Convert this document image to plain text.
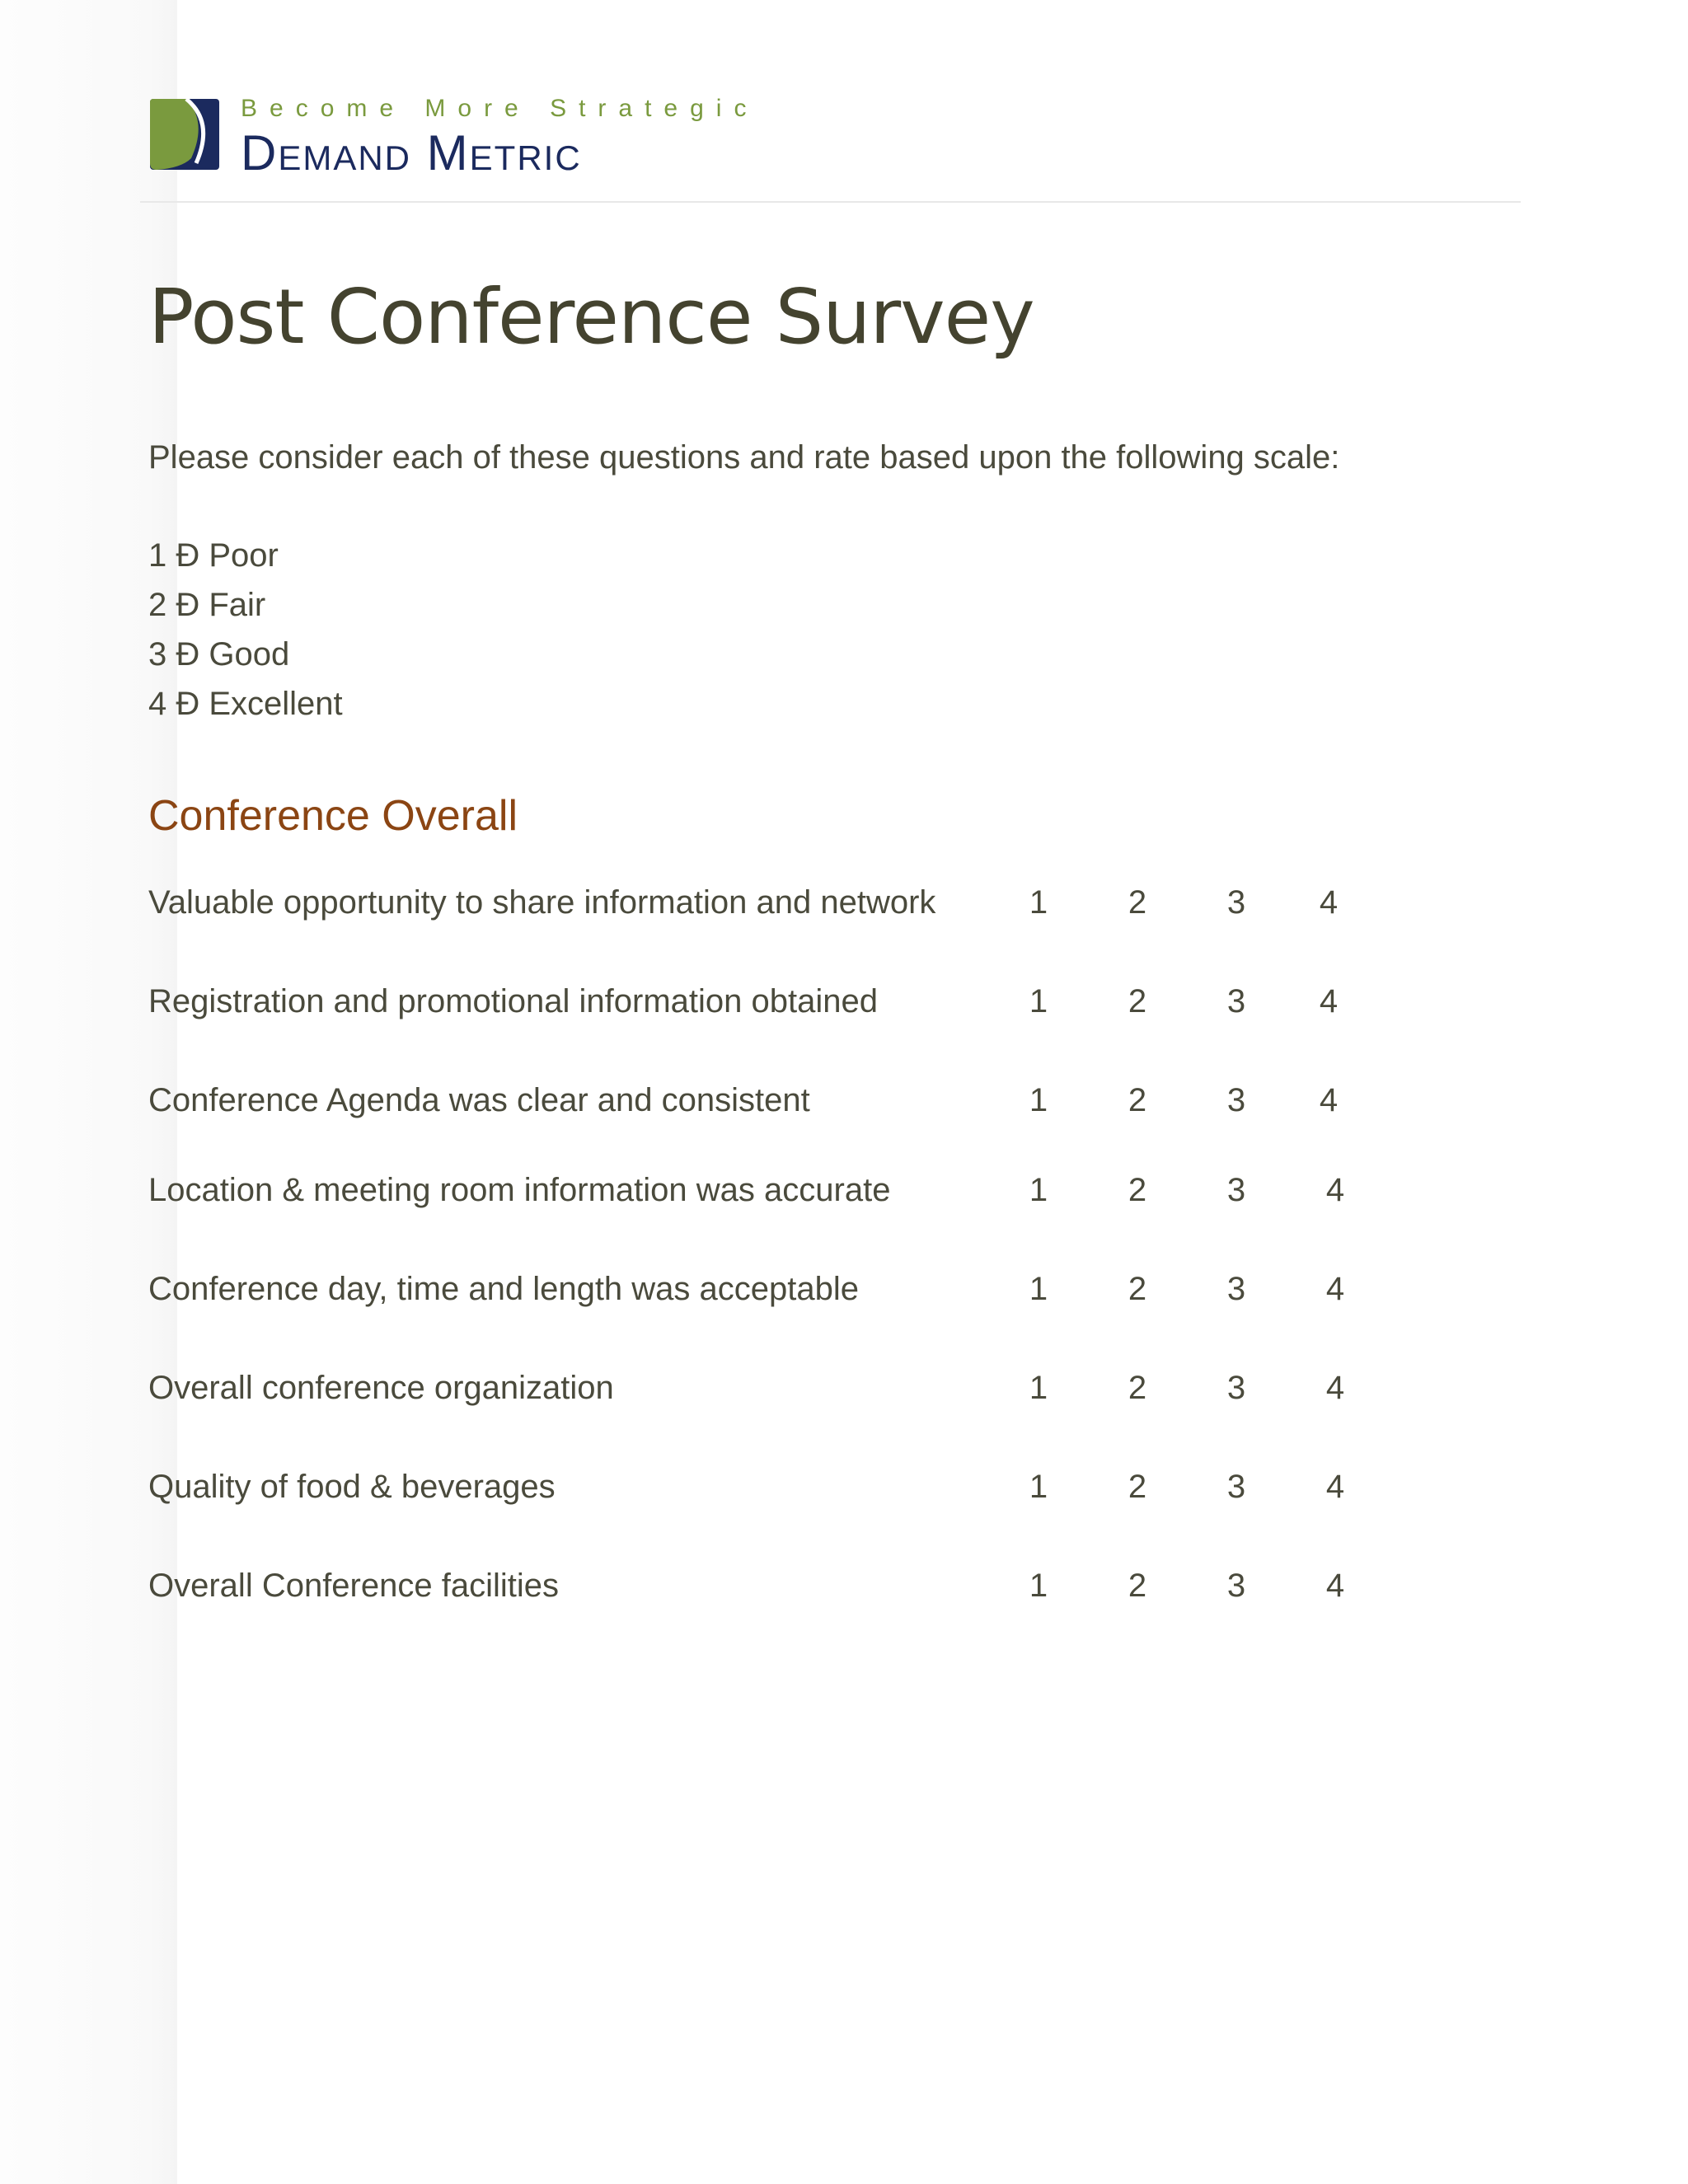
Become More Strategic
Demand Metric
Post Conference Survey
Please consider each of these questions and rate based upon the following scale:
1 Ð Poor
2 Ð Fair
3 Ð Good
4 Ð Excellent
Conference Overall
Valuable opportunity to share information and network	1 2 3 4
Registration and promotional information obtained	1 2 3 4
Conference Agenda was clear and consistent	1 2 3 4
Location & meeting room information was accurate	1 2 3 4
Conference day, time and length was acceptable	1 2 3 4
Overall conference organization	1 2 3 4
Quality of food & beverages	1 2 3 4
Overall Conference facilities	1 2 3 4
